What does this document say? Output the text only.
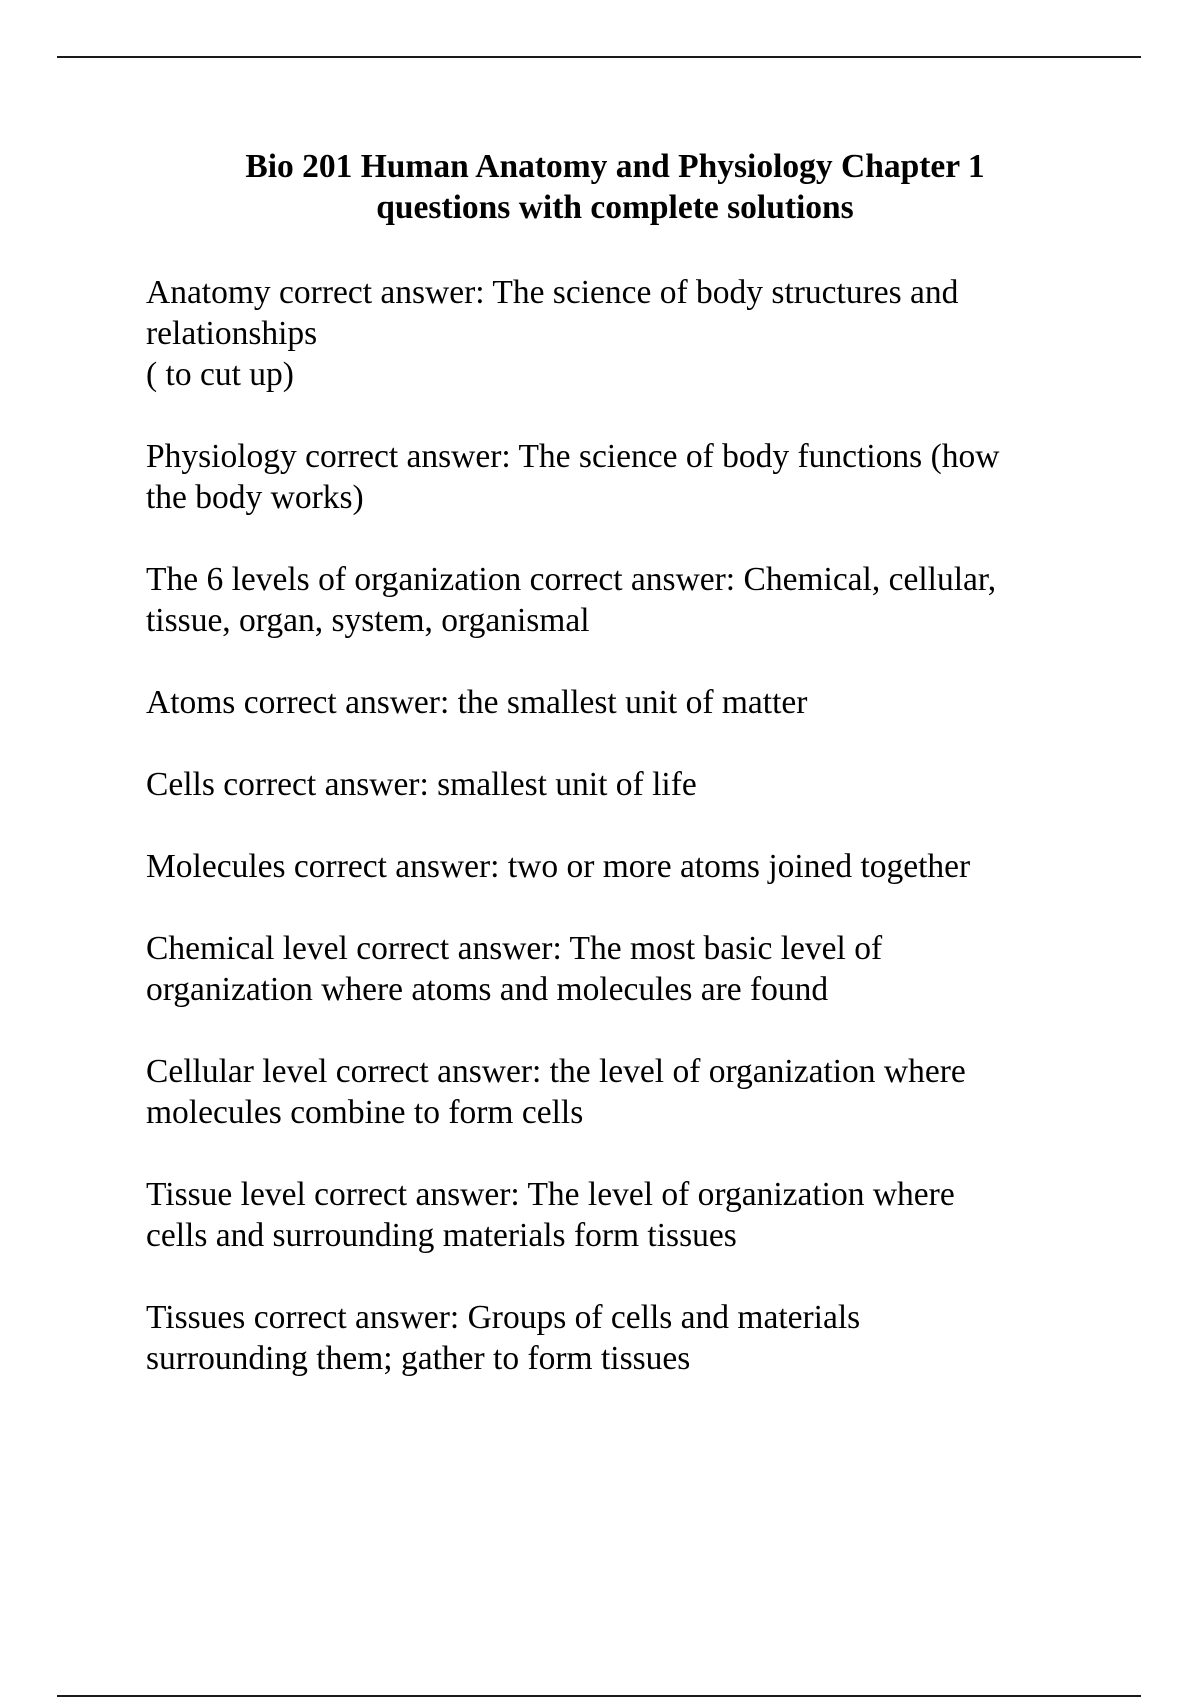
Bio 201 Human Anatomy and Physiology Chapter 1
questions with complete solutions

Anatomy correct answer: The science of body structures and
relationships
( to cut up)

Physiology correct answer: The science of body functions (how
the body works)

The 6 levels of organization correct answer: Chemical, cellular,
tissue, organ, system, organismal

Atoms correct answer: the smallest unit of matter

Cells correct answer: smallest unit of life

Molecules correct answer: two or more atoms joined together

Chemical level correct answer: The most basic level of
organization where atoms and molecules are found

Cellular level correct answer: the level of organization where
molecules combine to form cells

Tissue level correct answer: The level of organization where
cells and surrounding materials form tissues

Tissues correct answer: Groups of cells and materials
surrounding them; gather to form tissues
